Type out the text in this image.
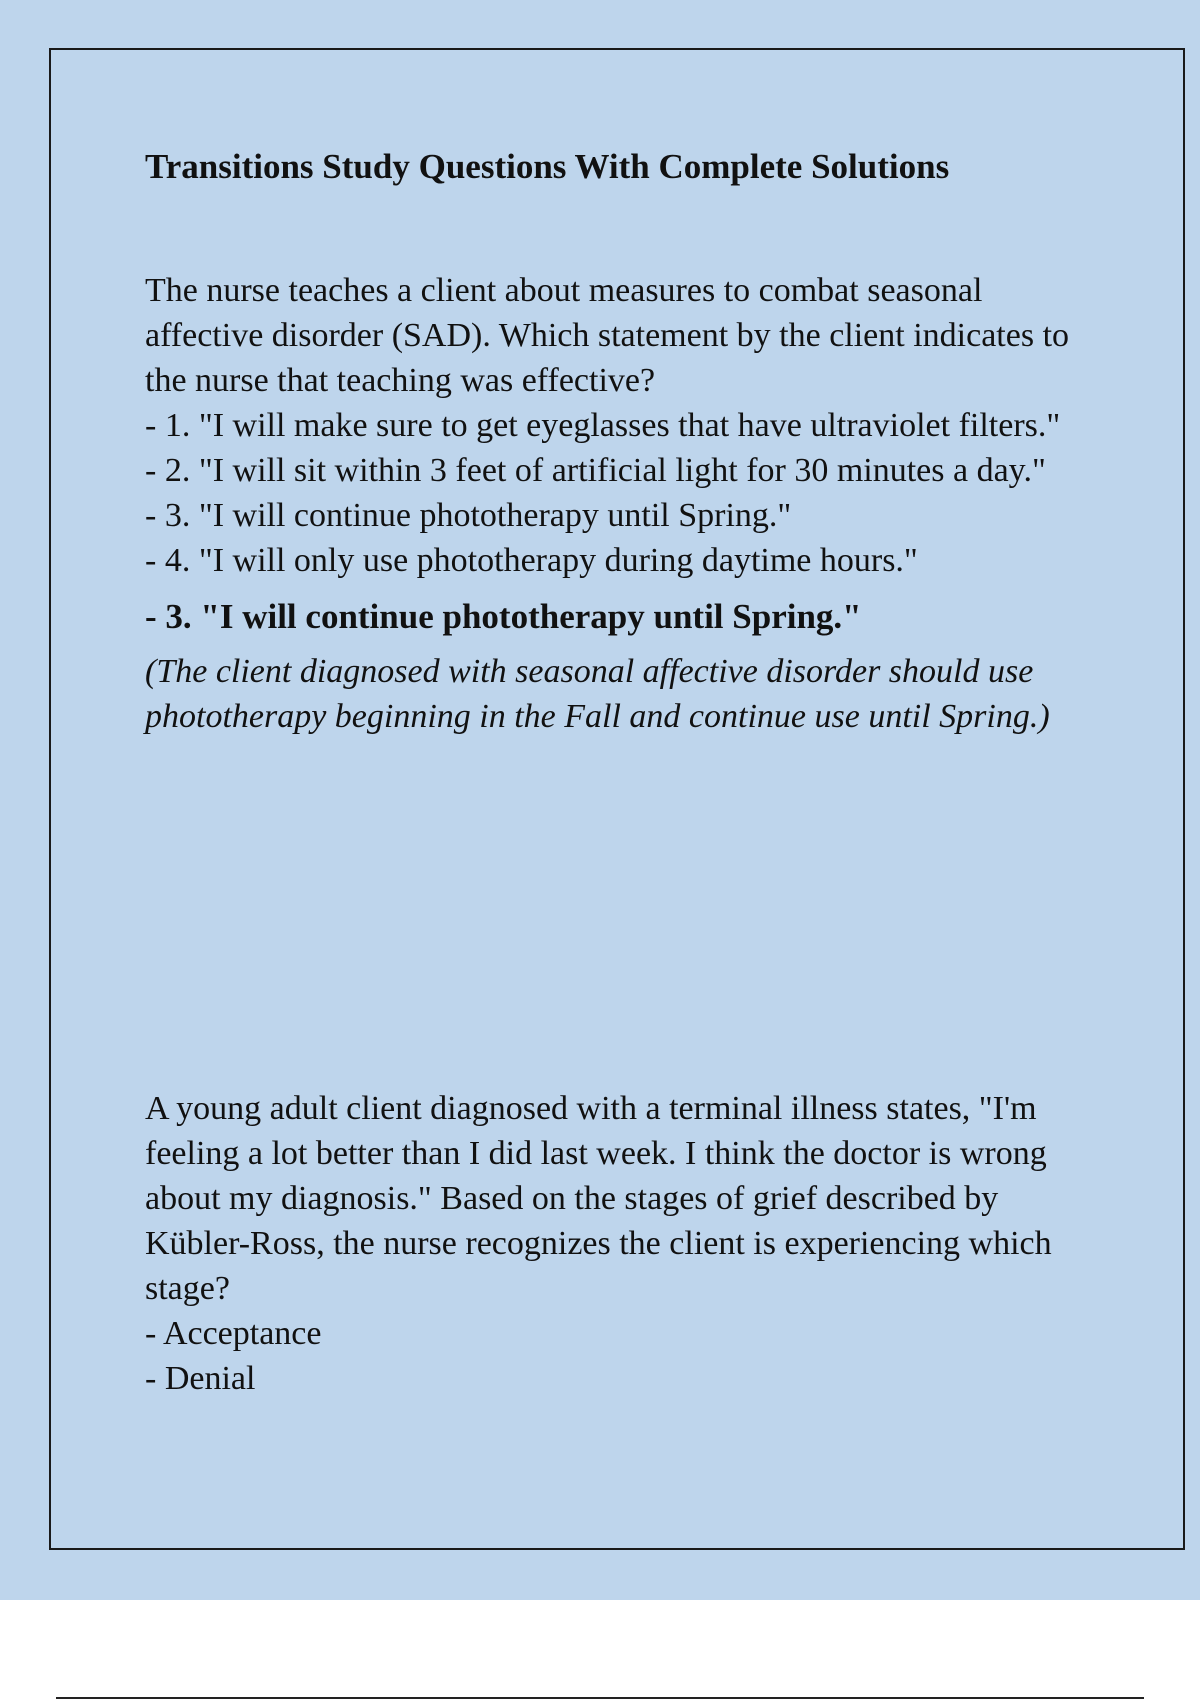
Transitions Study Questions With Complete Solutions

The nurse teaches a client about measures to combat seasonal affective disorder (SAD). Which statement by the client indicates to the nurse that teaching was effective?

- 1. "I will make sure to get eyeglasses that have ultraviolet filters."

- 2. "I will sit within 3 feet of artificial light for 30 minutes a day."

- 3. "I will continue phototherapy until Spring."

- 4. "I will only use phototherapy during daytime hours."

- 3. "I will continue phototherapy until Spring."

(The client diagnosed with seasonal affective disorder should use phototherapy beginning in the Fall and continue use until Spring.)

A young adult client diagnosed with a terminal illness states, "I'm feeling a lot better than I did last week. I think the doctor is wrong about my diagnosis." Based on the stages of grief described by Kübler-Ross, the nurse recognizes the client is experiencing which stage?

- Acceptance

- Denial
